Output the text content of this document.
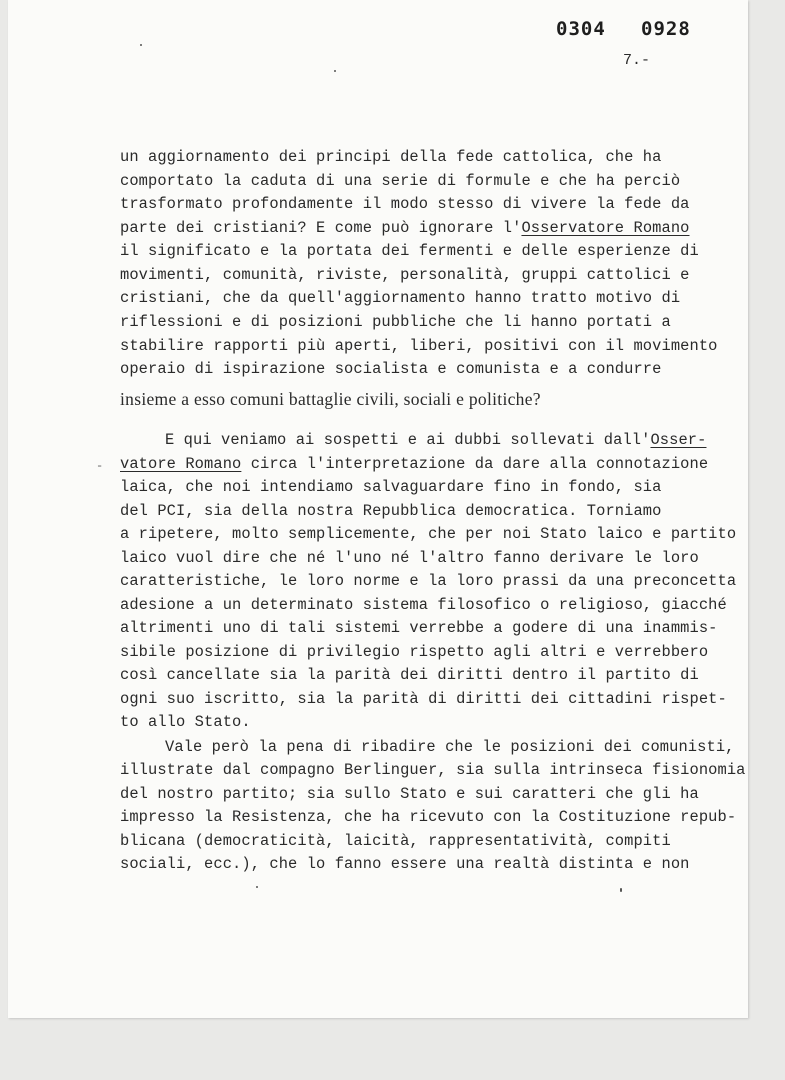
0304 0928
7.-
un aggiornamento dei principi della fede cattolica, che ha
comportato la caduta di una serie di formule e che ha perciò
trasformato profondamente il modo stesso di vivere la fede da
parte dei cristiani? E come può ignorare l'Osservatore Romano
il significato e la portata dei fermenti e delle esperienze di
movimenti, comunità, riviste, personalità, gruppi cattolici e
cristiani, che da quell'aggiornamento hanno tratto motivo di
riflessioni e di posizioni pubbliche che li hanno portati a
stabilire rapporti più aperti, liberi, positivi con il movimento
operaio di ispirazione socialista e comunista e a condurre
insieme a esso comuni battaglie civili, sociali e politiche?
E qui veniamo ai sospetti e ai dubbi sollevati dall'Osser-
- vatore Romano circa l'interpretazione da dare alla connotazione
laica, che noi intendiamo salvaguardare fino in fondo, sia
del PCI, sia della nostra Repubblica democratica. Torniamo
a ripetere, molto semplicemente, che per noi Stato laico e partito
laico vuol dire che né l'uno né l'altro fanno derivare le loro
caratteristiche, le loro norme e la loro prassi da una preconcetta
adesione a un determinato sistema filosofico o religioso, giacché
altrimenti uno di tali sistemi verrebbe a godere di una inammis-
sibile posizione di privilegio rispetto agli altri e verrebbero
così cancellate sia la parità dei diritti dentro il partito di
ogni suo iscritto, sia la parità di diritti dei cittadini rispet-
to allo Stato.
Vale però la pena di ribadire che le posizioni dei comunisti,
illustrate dal compagno Berlinguer, sia sulla intrinseca fisionomia
del nostro partito; sia sullo Stato e sui caratteri che gli ha
impresso la Resistenza, che ha ricevuto con la Costituzione repub-
blicana (democraticità, laicità, rappresentatività, compiti
sociali, ecc.), che lo fanno essere una realtà distinta e non
